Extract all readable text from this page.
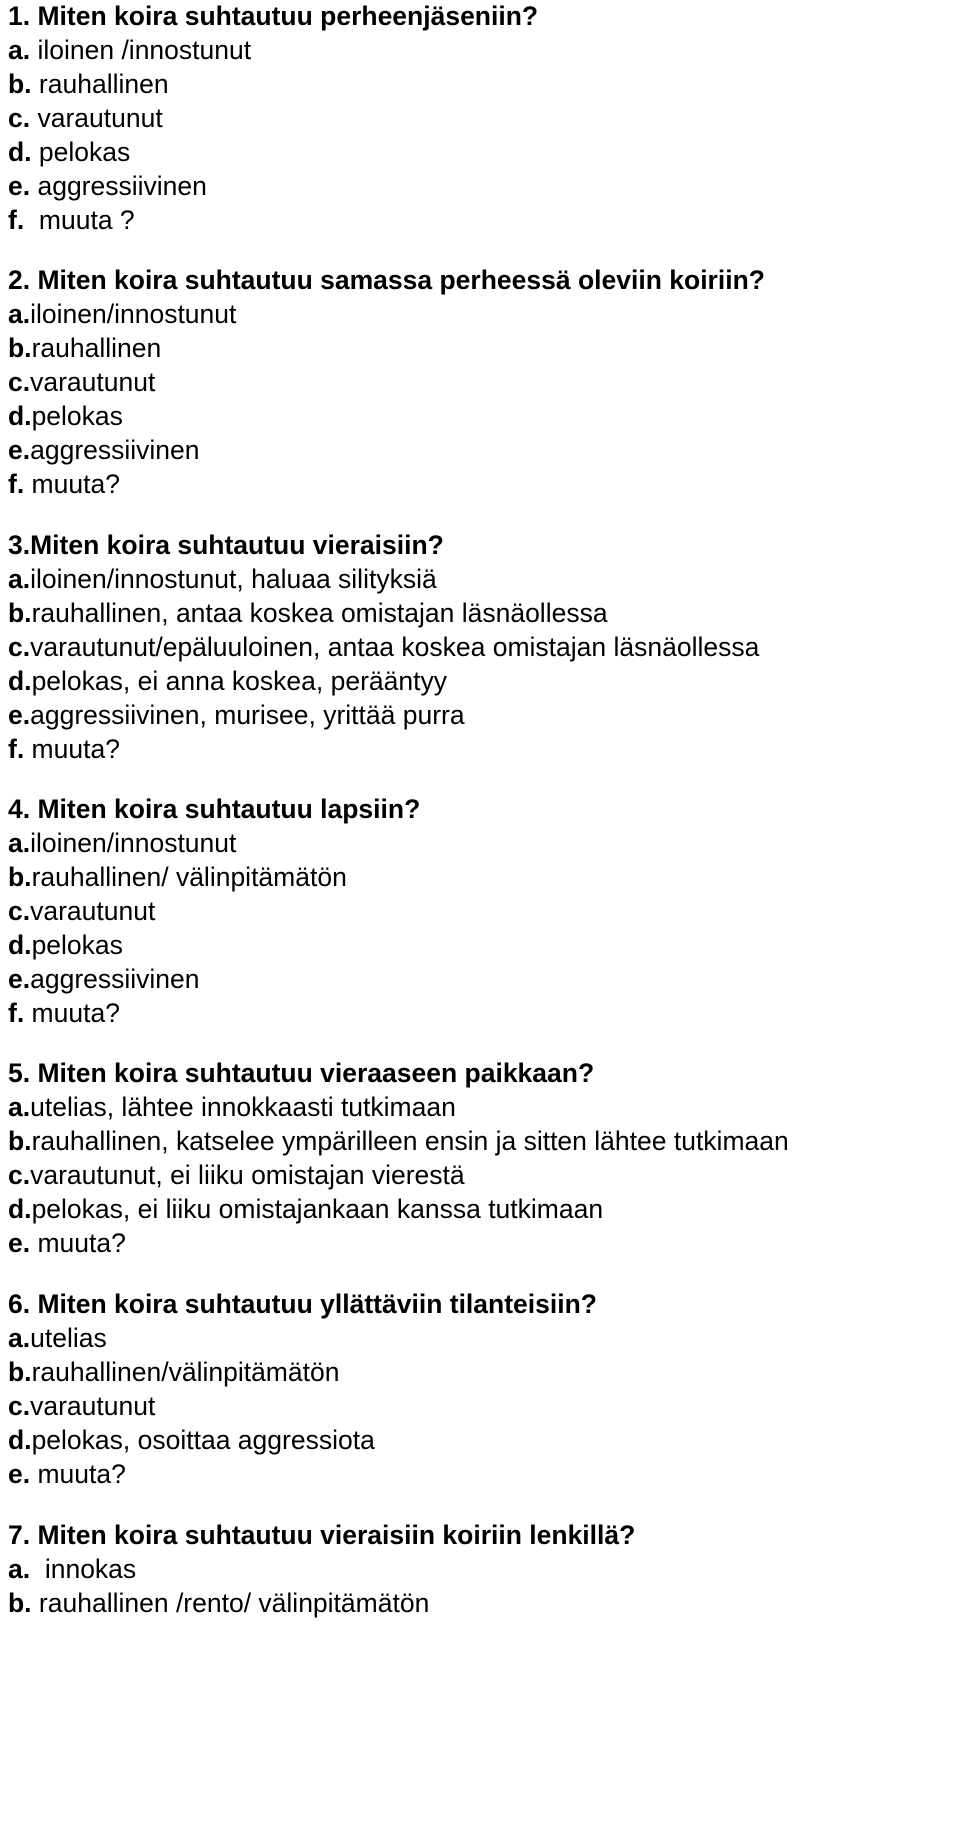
1. Miten koira suhtautuu perheenjäseniin?
a. iloinen /innostunut
b. rauhallinen
c. varautunut
d. pelokas
e. aggressiivinen
f.  muuta ?
2. Miten koira suhtautuu samassa perheessä oleviin koiriin?
a.iloinen/innostunut
b.rauhallinen
c.varautunut
d.pelokas
e.aggressiivinen
f. muuta?
3.Miten koira suhtautuu vieraisiin?
a.iloinen/innostunut, haluaa silityksiä
b.rauhallinen, antaa koskea omistajan läsnäollessa
c.varautunut/epäluuloinen, antaa koskea omistajan läsnäollessa
d.pelokas, ei anna koskea, perääntyy
e.aggressiivinen, murisee, yrittää purra
f. muuta?
4. Miten koira suhtautuu lapsiin?
a.iloinen/innostunut
b.rauhallinen/ välinpitämätön
c.varautunut
d.pelokas
e.aggressiivinen
f. muuta?
5. Miten koira suhtautuu vieraaseen paikkaan?
a.utelias, lähtee innokkaasti tutkimaan
b.rauhallinen, katselee ympärilleen ensin ja sitten lähtee tutkimaan
c.varautunut, ei liiku omistajan vierestä
d.pelokas, ei liiku omistajankaan kanssa tutkimaan
e. muuta?
6. Miten koira suhtautuu yllättäviin tilanteisiin?
a.utelias
b.rauhallinen/välinpitämätön
c.varautunut
d.pelokas, osoittaa aggressiota
e. muuta?
7. Miten koira suhtautuu vieraisiin koiriin lenkillä?
a.  innokas
b. rauhallinen /rento/ välinpitämätön
